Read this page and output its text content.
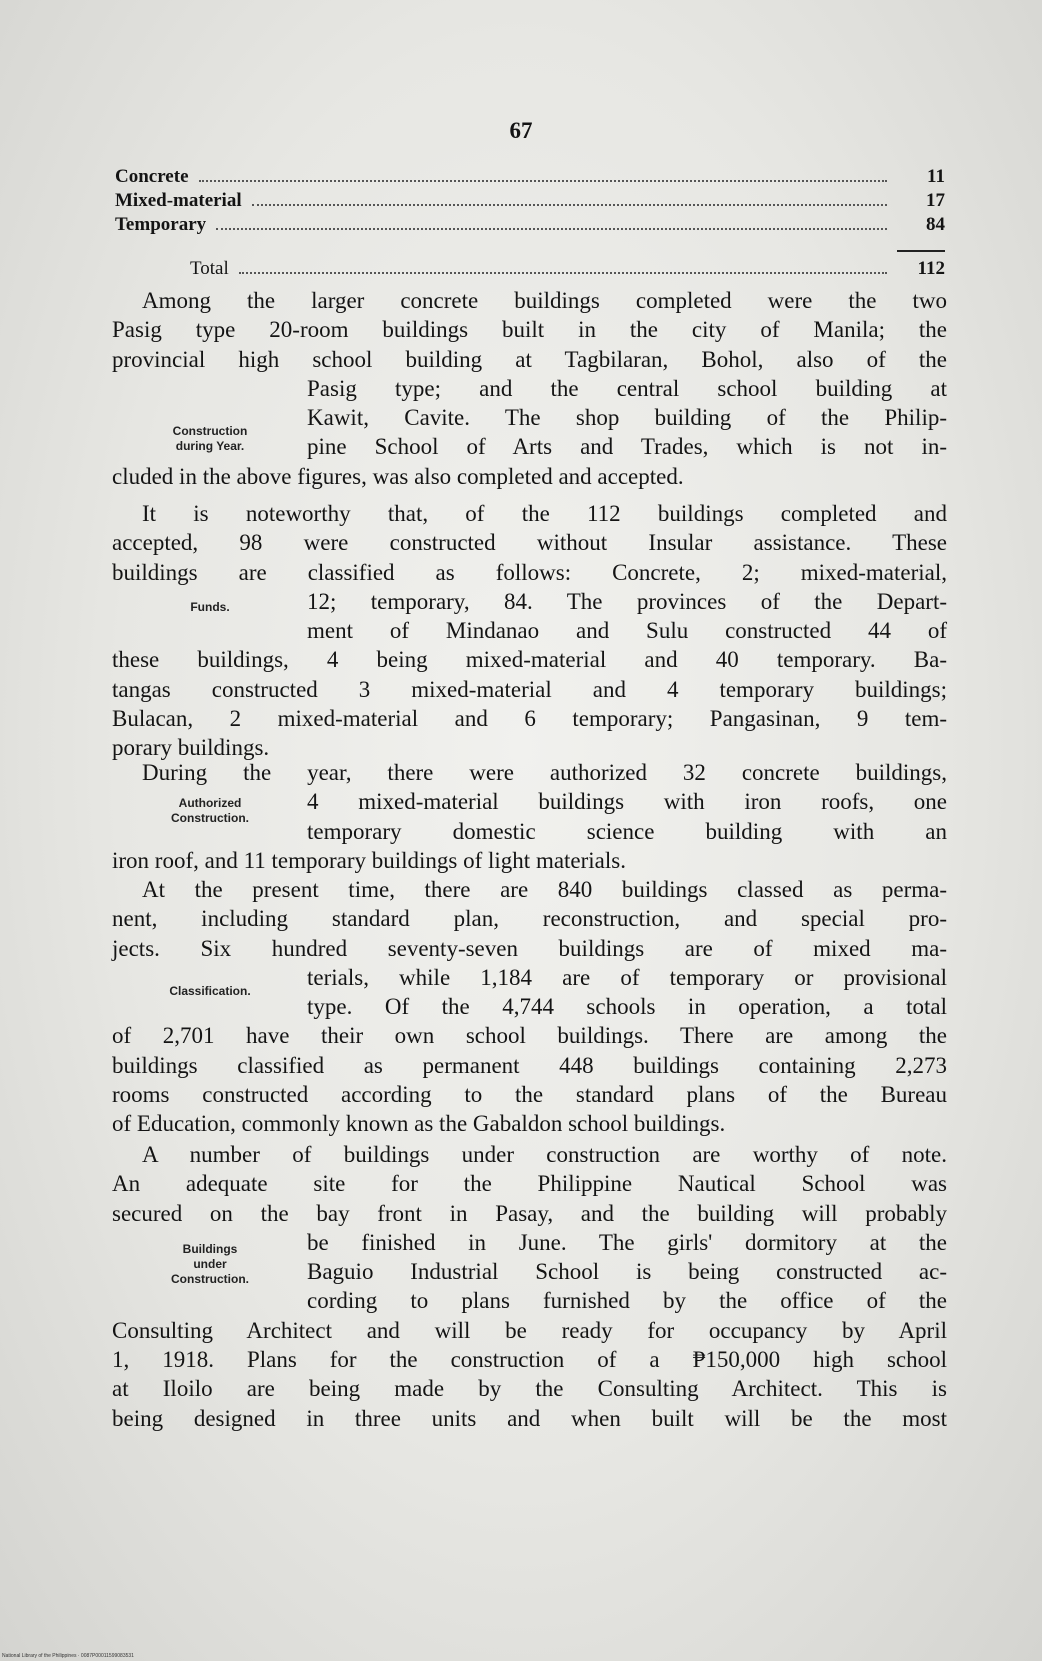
67
Concrete	11
Mixed-material	17
Temporary	84
Total	112
Among the larger concrete buildings completed were the two
Pasig type 20-room buildings built in the city of Manila; the
provincial high school building at Tagbilaran, Bohol, also of the
Pasig type; and the central school building at
Kawit, Cavite. The shop building of the Philip-
pine School of Arts and Trades, which is not in-
cluded in the above figures, was also completed and accepted.
Construction
during Year.
It is noteworthy that, of the 112 buildings completed and
accepted, 98 were constructed without Insular assistance. These
buildings are classified as follows: Concrete, 2; mixed-material,
12; temporary, 84. The provinces of the Depart-
ment of Mindanao and Sulu constructed 44 of
these buildings, 4 being mixed-material and 40 temporary. Ba-
tangas constructed 3 mixed-material and 4 temporary buildings;
Bulacan, 2 mixed-material and 6 temporary; Pangasinan, 9 tem-
porary buildings.
Funds.
During the year, there were authorized 32 concrete buildings,
4 mixed-material buildings with iron roofs, one
temporary domestic science building with an
iron roof, and 11 temporary buildings of light materials.
Authorized
Construction.
At the present time, there are 840 buildings classed as perma-
nent, including standard plan, reconstruction, and special pro-
jects. Six hundred seventy-seven buildings are of mixed ma-
terials, while 1,184 are of temporary or provisional
type. Of the 4,744 schools in operation, a total
of 2,701 have their own school buildings. There are among the
buildings classified as permanent 448 buildings containing 2,273
rooms constructed according to the standard plans of the Bureau
of Education, commonly known as the Gabaldon school buildings.
Classification.
A number of buildings under construction are worthy of note.
An adequate site for the Philippine Nautical School was
secured on the bay front in Pasay, and the building will probably
be finished in June. The girls' dormitory at the
Baguio Industrial School is being constructed ac-
cording to plans furnished by the office of the
Consulting Architect and will be ready for occupancy by April
1, 1918. Plans for the construction of a ₱150,000 high school
at Iloilo are being made by the Consulting Architect. This is
being designed in three units and when built will be the most
Buildings
under
Construction.
National Library of the Philippines · 0087P00011599083531
